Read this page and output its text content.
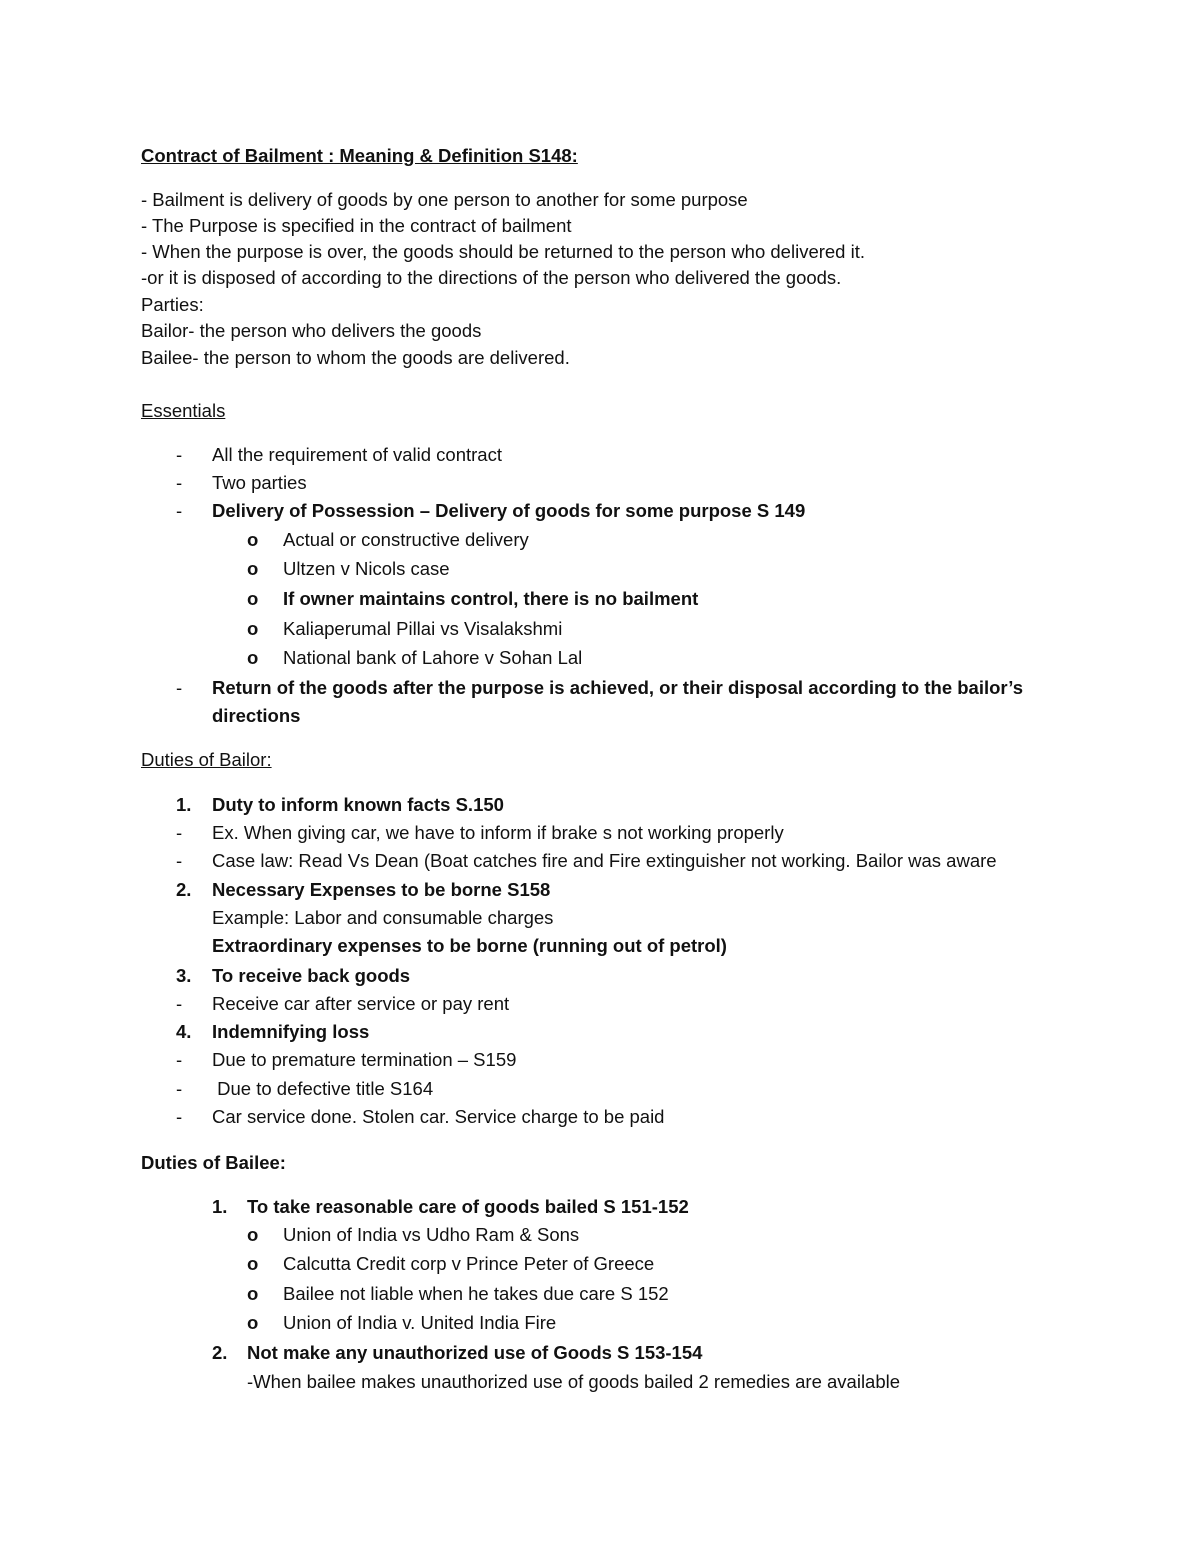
Contract of Bailment : Meaning & Definition S148:
- Bailment is delivery of goods by one person to another for some purpose
- The Purpose is specified in the contract of bailment
- When the purpose is over, the goods should be returned to the person who delivered it.
-or it is disposed of according to the directions of the person who delivered the goods.
Parties:
Bailor- the person who delivers the goods
Bailee- the person to whom the goods are delivered.
Essentials
- All the requirement of valid contract
- Two parties
- Delivery of Possession – Delivery of goods for some purpose S 149
o Actual or constructive delivery
o Ultzen v Nicols case
o If owner maintains control, there is no bailment
o Kaliaperumal Pillai vs Visalakshmi
o National bank of Lahore v Sohan Lal
- Return of the goods after the purpose is achieved, or their disposal according to the bailor’s
directions
Duties of Bailor:
1. Duty to inform known facts S.150
- Ex. When giving car, we have to inform if brake s not working properly
- Case law: Read Vs Dean (Boat catches fire and Fire extinguisher not working. Bailor was aware
2. Necessary Expenses to be borne S158
Example: Labor and consumable charges
Extraordinary expenses to be borne (running out of petrol)
3. To receive back goods
- Receive car after service or pay rent
4. Indemnifying loss
- Due to premature termination – S159
- Due to defective title S164
- Car service done. Stolen car. Service charge to be paid
Duties of Bailee:
1. To take reasonable care of goods bailed S 151-152
o Union of India vs Udho Ram & Sons
o Calcutta Credit corp v Prince Peter of Greece
o Bailee not liable when he takes due care S 152
o Union of India v. United India Fire
2. Not make any unauthorized use of Goods S 153-154
-When bailee makes unauthorized use of goods bailed 2 remedies are available
